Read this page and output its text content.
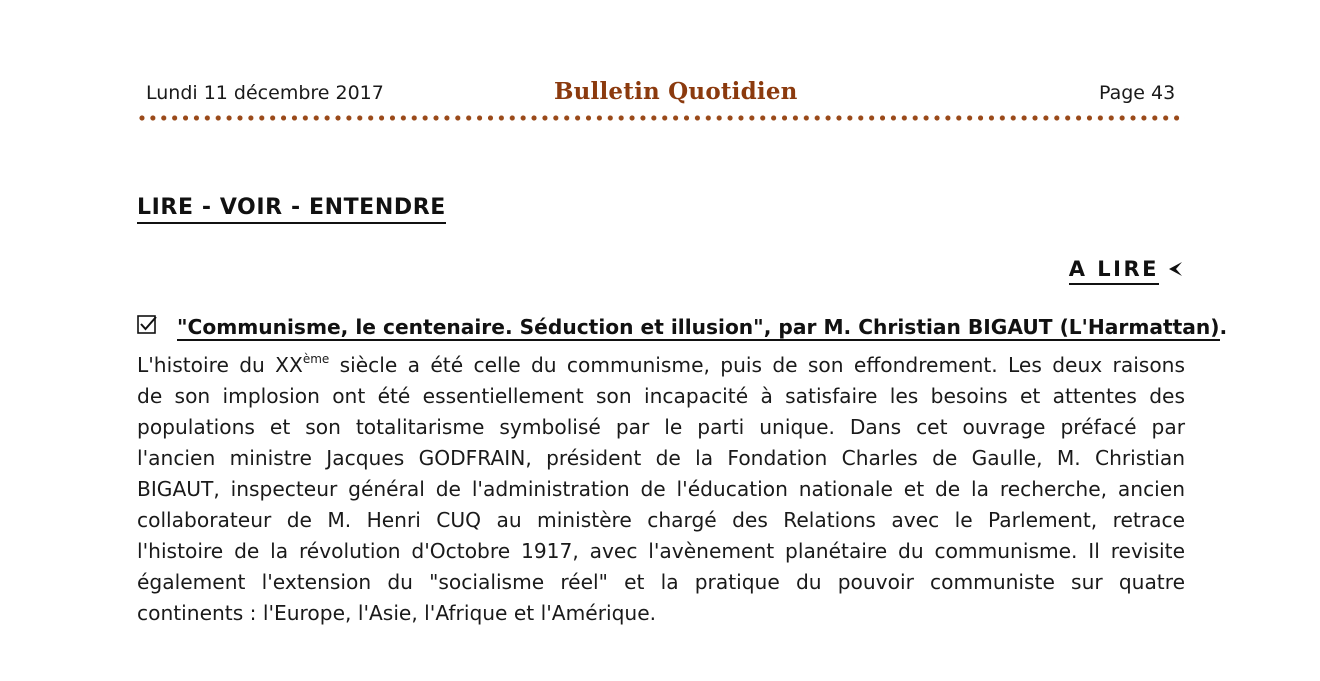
Lundi 11 décembre 2017	Bulletin Quotidien	Page 43
LIRE - VOIR - ENTENDRE
A LIRE
"Communisme, le centenaire. Séduction et illusion", par M. Christian BIGAUT (L'Harmattan).
L'histoire du XXème siècle a été celle du communisme, puis de son effondrement. Les deux raisons
de son implosion ont été essentiellement son incapacité à satisfaire les besoins et attentes des
populations et son totalitarisme symbolisé par le parti unique. Dans cet ouvrage préfacé par
l'ancien ministre Jacques GODFRAIN, président de la Fondation Charles de Gaulle, M. Christian
BIGAUT, inspecteur général de l'administration de l'éducation nationale et de la recherche, ancien
collaborateur de M. Henri CUQ au ministère chargé des Relations avec le Parlement, retrace
l'histoire de la révolution d'Octobre 1917, avec l'avènement planétaire du communisme. Il revisite
également l'extension du "socialisme réel" et la pratique du pouvoir communiste sur quatre
continents : l'Europe, l'Asie, l'Afrique et l'Amérique.
